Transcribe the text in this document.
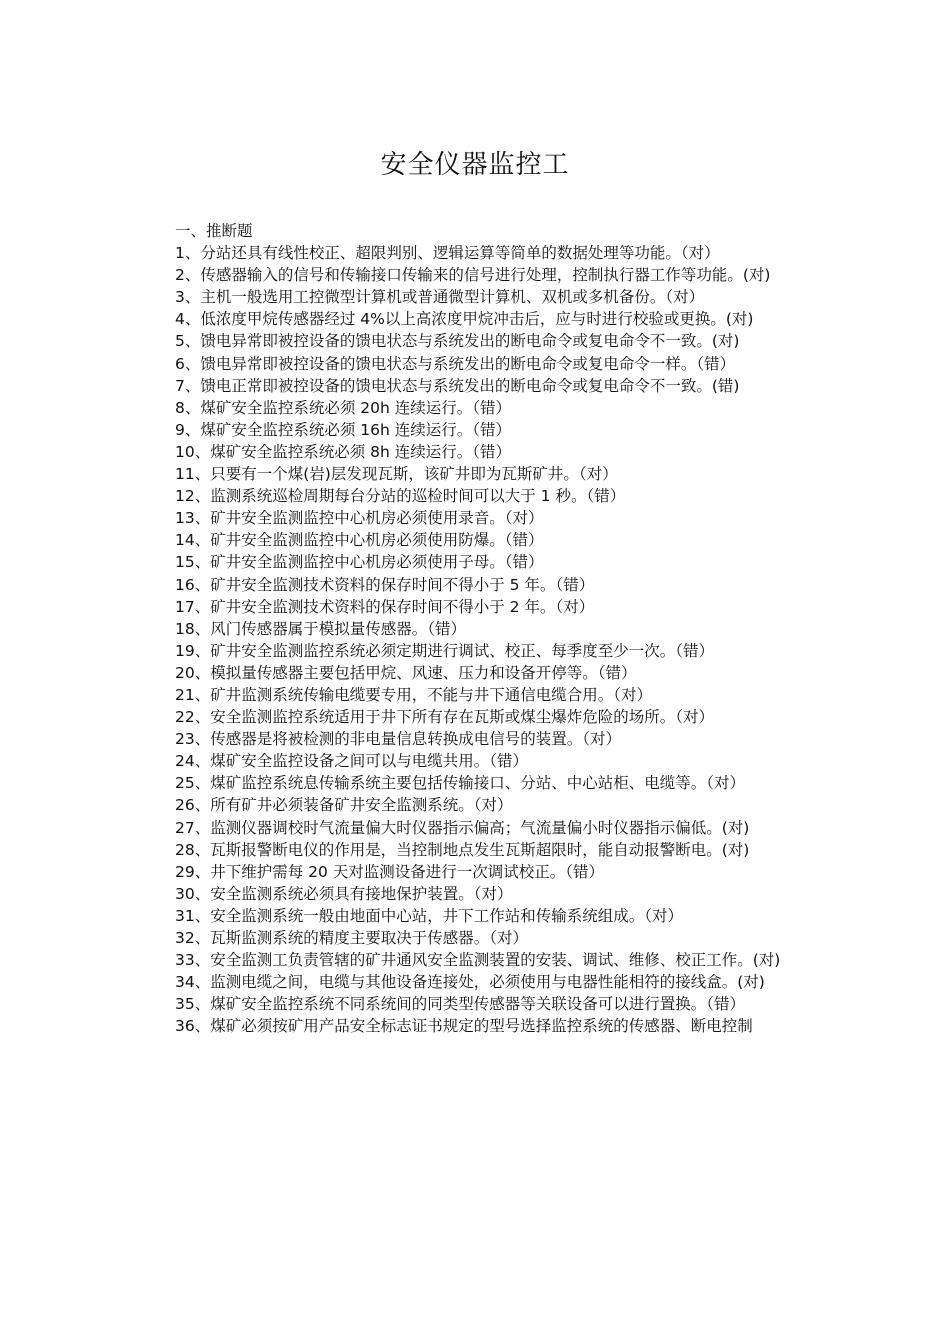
安全仪器监控工

一、推断题

1、分站还具有线性校正、超限判别、逻辑运算等简单的数据处理等功能。（对）

2、传感器输入的信号和传输接口传输来的信号进行处理，控制执行器工作等功能。(对)

3、主机一般选用工控微型计算机或普通微型计算机、双机或多机备份。（对）

4、低浓度甲烷传感器经过 4%以上高浓度甲烷冲击后，应与时进行校验或更换。(对)

5、馈电异常即被控设备的馈电状态与系统发出的断电命令或复电命令不一致。(对)

6、馈电异常即被控设备的馈电状态与系统发出的断电命令或复电命令一样。（错）

7、馈电正常即被控设备的馈电状态与系统发出的断电命令或复电命令不一致。(错)

8、煤矿安全监控系统必须 20h 连续运行。（错）

9、煤矿安全监控系统必须 16h 连续运行。（错）

10、煤矿安全监控系统必须 8h 连续运行。（错）

11、只要有一个煤(岩)层发现瓦斯，该矿井即为瓦斯矿井。（对）

12、监测系统巡检周期每台分站的巡检时间可以大于 1 秒。（错）

13、矿井安全监测监控中心机房必须使用录音。（对）

14、矿井安全监测监控中心机房必须使用防爆。（错）

15、矿井安全监测监控中心机房必须使用子母。（错）

16、矿井安全监测技术资料的保存时间不得小于 5 年。（错）

17、矿井安全监测技术资料的保存时间不得小于 2 年。（对）

18、风门传感器属于模拟量传感器。（错）

19、矿井安全监测监控系统必须定期进行调试、校正、每季度至少一次。（错）

20、模拟量传感器主要包括甲烷、风速、压力和设备开停等。（错）

21、矿井监测系统传输电缆要专用，不能与井下通信电缆合用。（对）

22、安全监测监控系统适用于井下所有存在瓦斯或煤尘爆炸危险的场所。（对）

23、传感器是将被检测的非电量信息转换成电信号的装置。（对）

24、煤矿安全监控设备之间可以与电缆共用。（错）

25、煤矿监控系统息传输系统主要包括传输接口、分站、中心站柜、电缆等。（对）

26、所有矿井必须装备矿井安全监测系统。（对）

27、监测仪器调校时气流量偏大时仪器指示偏高；气流量偏小时仪器指示偏低。(对)

28、瓦斯报警断电仪的作用是，当控制地点发生瓦斯超限时，能自动报警断电。(对)

29、井下维护需每 20 天对监测设备进行一次调试校正。（错）

30、安全监测系统必须具有接地保护装置。（对）

31、安全监测系统一般由地面中心站，井下工作站和传输系统组成。（对）

32、瓦斯监测系统的精度主要取决于传感器。（对）

33、安全监测工负责管辖的矿井通风安全监测装置的安装、调试、维修、校正工作。(对)

34、监测电缆之间，电缆与其他设备连接处，必须使用与电器性能相符的接线盒。(对)

35、煤矿安全监控系统不同系统间的同类型传感器等关联设备可以进行置换。（错）

36、煤矿必须按矿用产品安全标志证书规定的型号选择监控系统的传感器、断电控制
